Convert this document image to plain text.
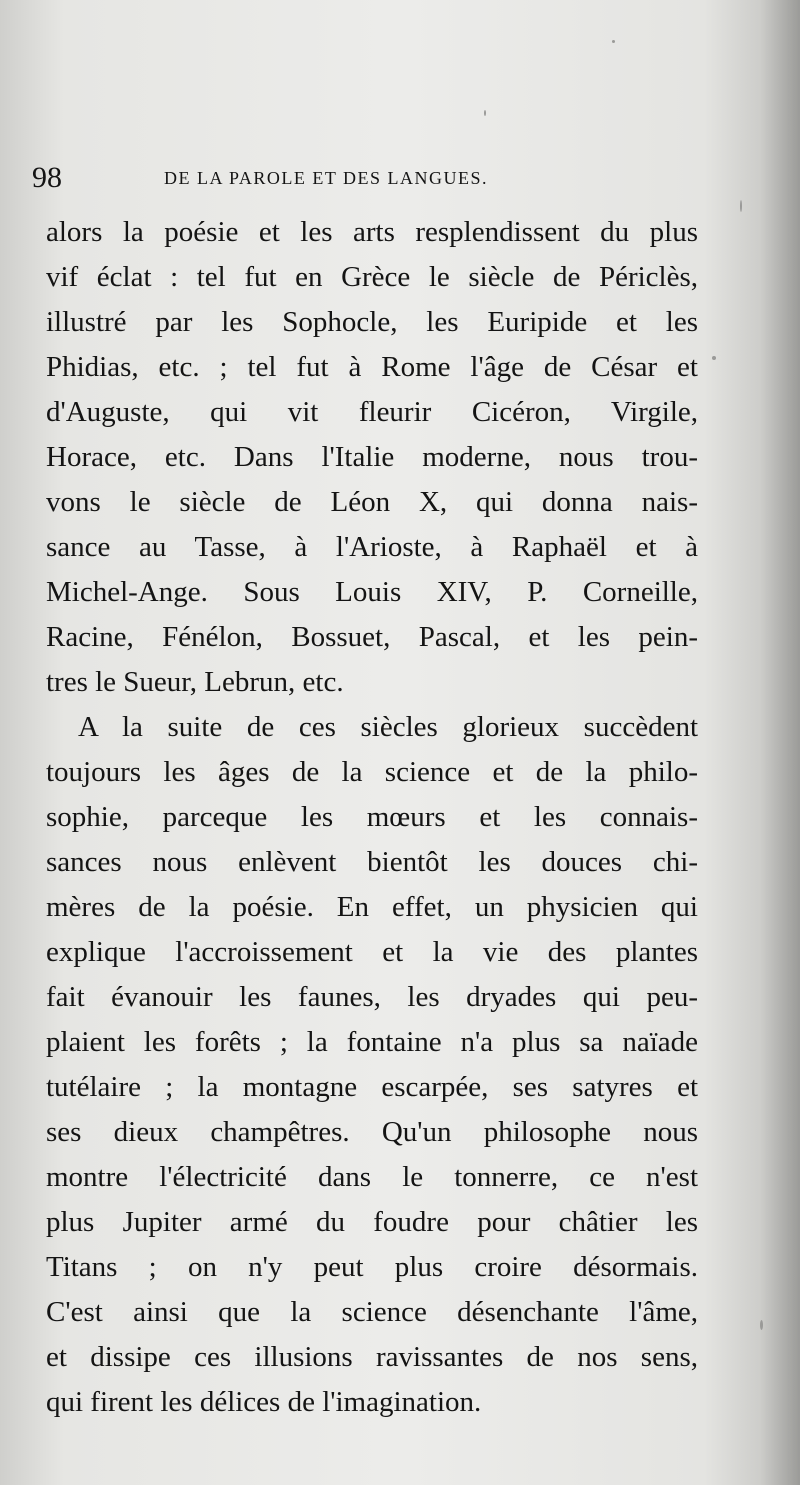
98	DE LA PAROLE ET DES LANGUES.
alors la poésie et les arts resplendissent du plus
vif éclat : tel fut en Grèce le siècle de Périclès,
illustré par les Sophocle, les Euripide et les
Phidias, etc. ; tel fut à Rome l'âge de César et
d'Auguste, qui vit fleurir Cicéron, Virgile,
Horace, etc. Dans l'Italie moderne, nous trou-
vons le siècle de Léon X, qui donna nais-
sance au Tasse, à l'Arioste, à Raphaël et à
Michel-Ange. Sous Louis XIV, P. Corneille,
Racine, Fénélon, Bossuet, Pascal, et les pein-
tres le Sueur, Lebrun, etc.
A la suite de ces siècles glorieux succèdent
toujours les âges de la science et de la philo-
sophie, parceque les mœurs et les connais-
sances nous enlèvent bientôt les douces chi-
mères de la poésie. En effet, un physicien qui
explique l'accroissement et la vie des plantes
fait évanouir les faunes, les dryades qui peu-
plaient les forêts ; la fontaine n'a plus sa naïade
tutélaire ; la montagne escarpée, ses satyres et
ses dieux champêtres. Qu'un philosophe nous
montre l'électricité dans le tonnerre, ce n'est
plus Jupiter armé du foudre pour châtier les
Titans ; on n'y peut plus croire désormais.
C'est ainsi que la science désenchante l'âme,
et dissipe ces illusions ravissantes de nos sens,
qui firent les délices de l'imagination.
